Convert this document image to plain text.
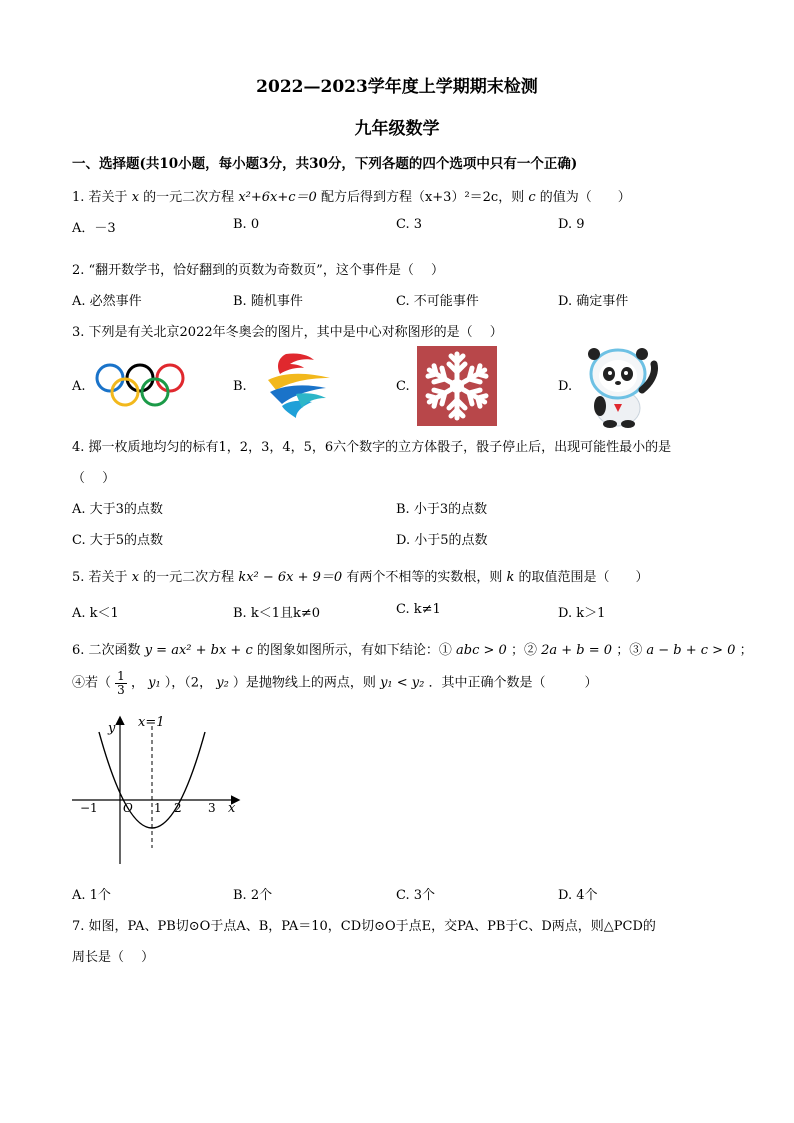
2022—2023学年度上学期期末检测
九年级数学
一、选择题(共10小题，每小题3分，共30分，下列各题的四个选项中只有一个正确)
1. 若关于 x 的一元二次方程 x²+6x+c＝0 配方后得到方程（x+3）²＝2c，则 c 的值为（　　）
A．－3	B. 0	C. 3	D. 9
2. “翻开数学书，恰好翻到的页数为奇数页”，这个事件是（　 ）
A. 必然事件	B. 随机事件	C. 不可能事件	D. 确定事件
3. 下列是有关北京2022年冬奥会的图片，其中是中心对称图形的是（　 ）
A.	B.	C.	D.
4. 掷一枚质地均匀的标有1，2，3，4，5，6六个数字的立方体骰子，骰子停止后，出现可能性最小的是
（　 ）
A. 大于3的点数	B. 小于3的点数
C. 大于5的点数	D. 小于5的点数
5. 若关于 x 的一元二次方程 kx² − 6x + 9＝0 有两个不相等的实数根，则 k 的取值范围是（　　）
A. k＜1	B. k＜1且k≠0	C. k≠1	D. k＞1
6. 二次函数 y = ax² + bx + c 的图象如图所示，有如下结论：① abc > 0 ；② 2a + b = 0 ；③ a − b + c > 0 ；
④若（ $\frac{1}{3}$ ， y₁ ），（2， y₂ ）是抛物线上的两点，则 y₁ < y₂ ．其中正确个数是（　　　）
y
x
x=1
−1 O 1 2 3
A. 1个	B. 2个	C. 3个	D. 4个
7. 如图，PA、PB切⊙O于点A、B，PA＝10，CD切⊙O于点E，交PA、PB于C、D两点，则△PCD的
周长是（　 ）
